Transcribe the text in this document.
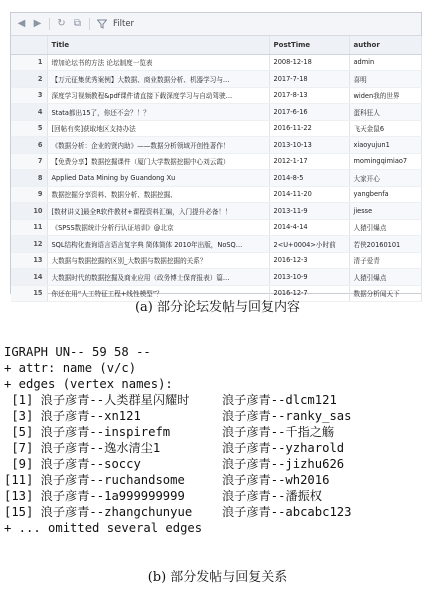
◀ ▶ ↻ ⧉	Filter
	Title	PostTime	author
1	增加论坛书的方法 论坛制度一览表	2008-12-18	admin
2	【万元征集优秀案例】大数据、商业数据分析、机器学习与…	2017-7-18	喜明
3	深度学习视频教程&pdf课件请直接下载深度学习与自动驾驶…	2017-8-13	widen我的世界
4	Stata都出15了，你还不会？！？	2017-6-16	蛋科狂人
5	[回帖有奖]获取地区支持办法	2016-11-22	飞天金鼠6
6	《数据分析：企业的贤内助》——数据分析领域开创性著作！	2013-10-13	xiaoyujun1
7	【免费分享】数据挖掘课件（厦门大学数据挖掘中心刘云霞）	2012-1-17	momingqimiao7
8	Applied Data Mining by Guandong Xu	2014-8-5	大家开心
9	数据挖掘分享资料、数据分析、数据挖掘、	2014-11-20	yangbenfa
10	[数材讲义]最全R软件教材+课程资料汇编，入门提升必备！！	2013-11-9	jiesse
11	《SPSS数据统计分析行认证培训》@北京	2014-4-14	人猿引爆点
12	SQL结构化查询语言语言复字典 简体简体 2010年出版，NoSQ…	2<U+0004>小时前	若侠20160101
13	大数据与数据挖掘的区别_大数据与数据挖掘的关系？	2016-12-3	清子爱青
14	大数据时代的数据挖掘及商业应用（政务博士保育报表）篇…	2013-10-9	人猿引爆点
15	你还在用“人工特征工程+线性模型”？	2016-12-7	数据分析闻天下
(a) 部分论坛发帖与回复内容
IGRAPH UN-- 59 58 --
+ attr: name (v/c)
+ edges (vertex names):
[1] 浪子彦青--人类群星闪耀时	浪子彦青--dlcm121
[3] 浪子彦青--xn121	浪子彦青--ranky_sas
[5] 浪子彦青--inspirefm	浪子彦青--千指之觞
[7] 浪子彦青--逸水清尘1	浪子彦青--yzharold
[9] 浪子彦青--soccy	浪子彦青--jizhu626
[11] 浪子彦青--ruchandsome	浪子彦青--wh2016
[13] 浪子彦青--1a999999999	浪子彦青--潘振权
[15] 浪子彦青--zhangchunyue	浪子彦青--abcabc123
+ ... omitted several edges
(b) 部分发帖与回复关系
